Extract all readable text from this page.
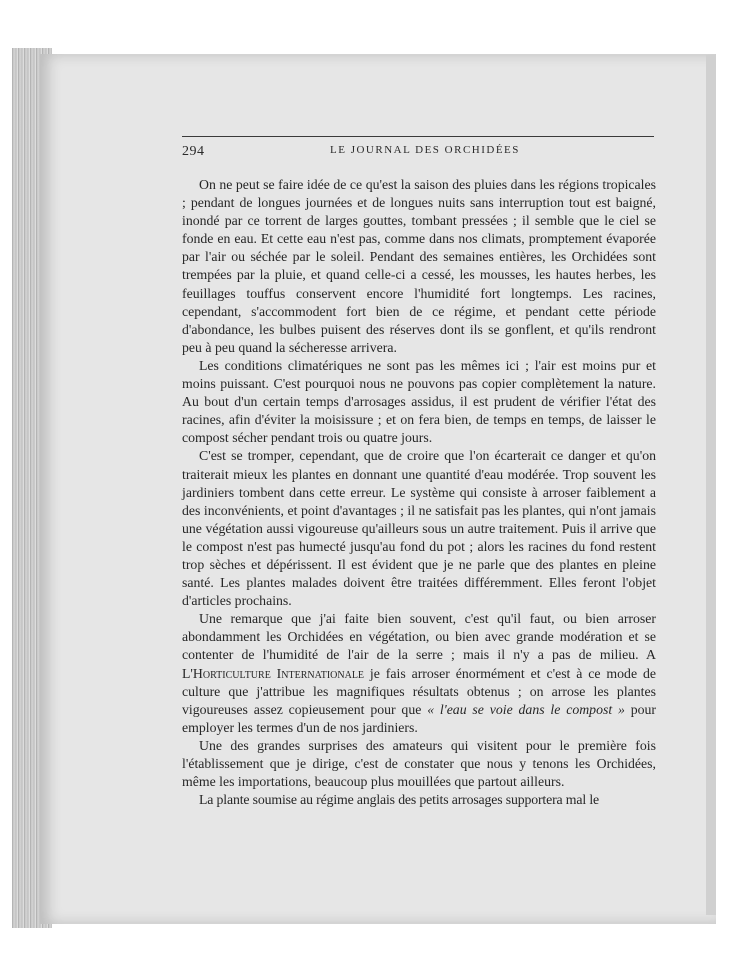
294	LE JOURNAL DES ORCHIDÉES

On ne peut se faire idée de ce qu'est la saison des pluies dans les régions tropicales ; pendant de longues journées et de longues nuits sans interruption tout est baigné, inondé par ce torrent de larges gouttes, tombant pressées ; il semble que le ciel se fonde en eau. Et cette eau n'est pas, comme dans nos climats, promptement évaporée par l'air ou séchée par le soleil. Pendant des semaines entières, les Orchidées sont trempées par la pluie, et quand celle-ci a cessé, les mousses, les hautes herbes, les feuillages touffus conservent encore l'humidité fort longtemps. Les racines, cependant, s'accommodent fort bien de ce régime, et pendant cette période d'abondance, les bulbes puisent des réserves dont ils se gonflent, et qu'ils rendront peu à peu quand la sécheresse arrivera.

Les conditions climatériques ne sont pas les mêmes ici ; l'air est moins pur et moins puissant. C'est pourquoi nous ne pouvons pas copier complètement la nature. Au bout d'un certain temps d'arrosages assidus, il est prudent de vérifier l'état des racines, afin d'éviter la moisissure ; et on fera bien, de temps en temps, de laisser le compost sécher pendant trois ou quatre jours.

C'est se tromper, cependant, que de croire que l'on écarterait ce danger et qu'on traiterait mieux les plantes en donnant une quantité d'eau modérée. Trop souvent les jardiniers tombent dans cette erreur. Le système qui consiste à arroser faiblement a des inconvénients, et point d'avantages ; il ne satisfait pas les plantes, qui n'ont jamais une végétation aussi vigoureuse qu'ailleurs sous un autre traitement. Puis il arrive que le compost n'est pas humecté jusqu'au fond du pot ; alors les racines du fond restent trop sèches et dépérissent. Il est évident que je ne parle que des plantes en pleine santé. Les plantes malades doivent être traitées différemment. Elles feront l'objet d'articles prochains.

Une remarque que j'ai faite bien souvent, c'est qu'il faut, ou bien arroser abondamment les Orchidées en végétation, ou bien avec grande modération et se contenter de l'humidité de l'air de la serre ; mais il n'y a pas de milieu. A L'Horticulture Internationale je fais arroser énormément et c'est à ce mode de culture que j'attribue les magnifiques résultats obtenus ; on arrose les plantes vigoureuses assez copieusement pour que « l'eau se voie dans le compost » pour employer les termes d'un de nos jardiniers.

Une des grandes surprises des amateurs qui visitent pour le première fois l'établissement que je dirige, c'est de constater que nous y tenons les Orchidées, même les importations, beaucoup plus mouillées que partout ailleurs.

La plante soumise au régime anglais des petits arrosages supportera mal le
